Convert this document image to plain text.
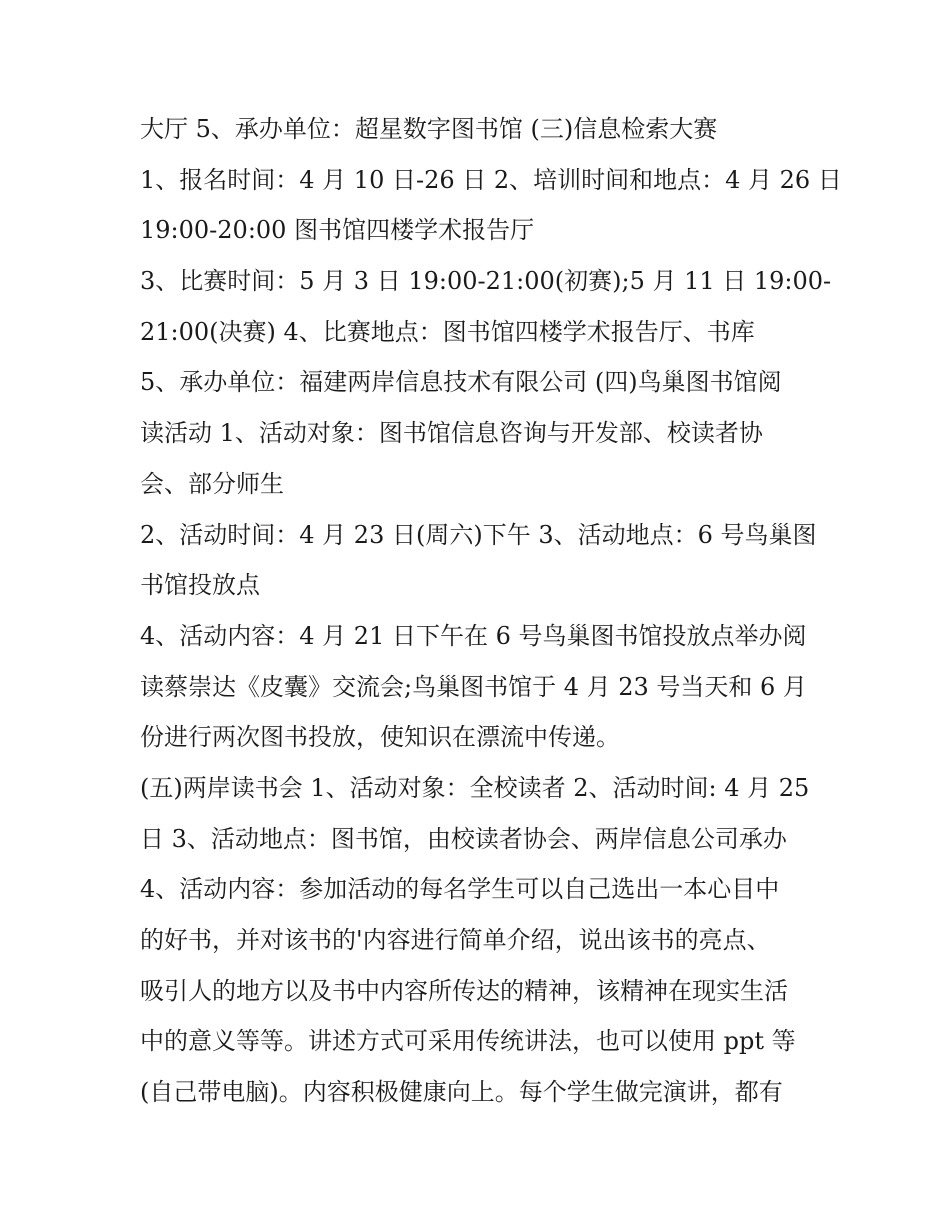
大厅 5、承办单位：超星数字图书馆 (三)信息检索大赛
1、报名时间：4 月 10 日-26 日 2、培训时间和地点：4 月 26 日
19:00-20:00 图书馆四楼学术报告厅
3、比赛时间：5 月 3 日 19:00-21:00(初赛);5 月 11 日 19:00-
21:00(决赛) 4、比赛地点：图书馆四楼学术报告厅、书库
5、承办单位：福建两岸信息技术有限公司 (四)鸟巢图书馆阅
读活动 1、活动对象：图书馆信息咨询与开发部、校读者协
会、部分师生
2、活动时间：4 月 23 日(周六)下午 3、活动地点：6 号鸟巢图
书馆投放点
4、活动内容：4 月 21 日下午在 6 号鸟巢图书馆投放点举办阅
读蔡崇达《皮囊》交流会;鸟巢图书馆于 4 月 23 号当天和 6 月
份进行两次图书投放，使知识在漂流中传递。
(五)两岸读书会 1、活动对象：全校读者 2、活动时间: 4 月 25
日 3、活动地点：图书馆，由校读者协会、两岸信息公司承办
4、活动内容：参加活动的每名学生可以自己选出一本心目中
的好书，并对该书的'内容进行简单介绍，说出该书的亮点、
吸引人的地方以及书中内容所传达的精神，该精神在现实生活
中的意义等等。讲述方式可采用传统讲法，也可以使用 ppt 等
(自己带电脑)。内容积极健康向上。每个学生做完演讲，都有
